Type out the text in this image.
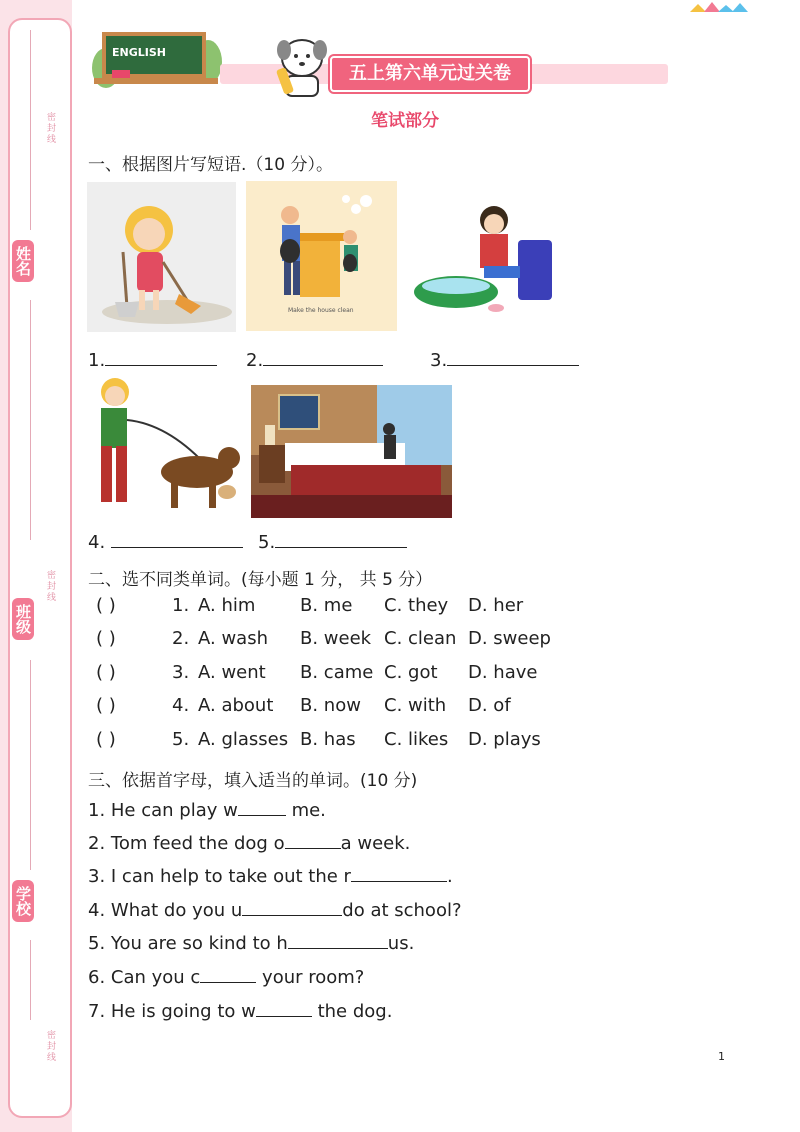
密封线
姓名
密封线
班级
学校
密封线
ENGLISH
五上第六单元过关卷
笔试部分
一、根据图片写短语.（10 分）。
Make the house clean
1.	2.	3.
4.	5.
二、选不同类单词。(每小题 1 分， 共 5 分）
( )	1. A. him B. me C. they D. her
( )	2. A. wash B. week C. clean D. sweep
( )	3. A. went B. came C. got D. have
( )	4. A. about B. now C. with D. of
( )	5. A. glasses B. has C. likes D. plays
三、依据首字母，填入适当的单词。(10 分)
1. He can play w	me.
2. Tom feed the dog o	a week.
3. I can help to take out the r	.
4. What do you u	do at school?
5. You are so kind to h	us.
6. Can you c	your room?
7. He is going to w	the dog.
1
